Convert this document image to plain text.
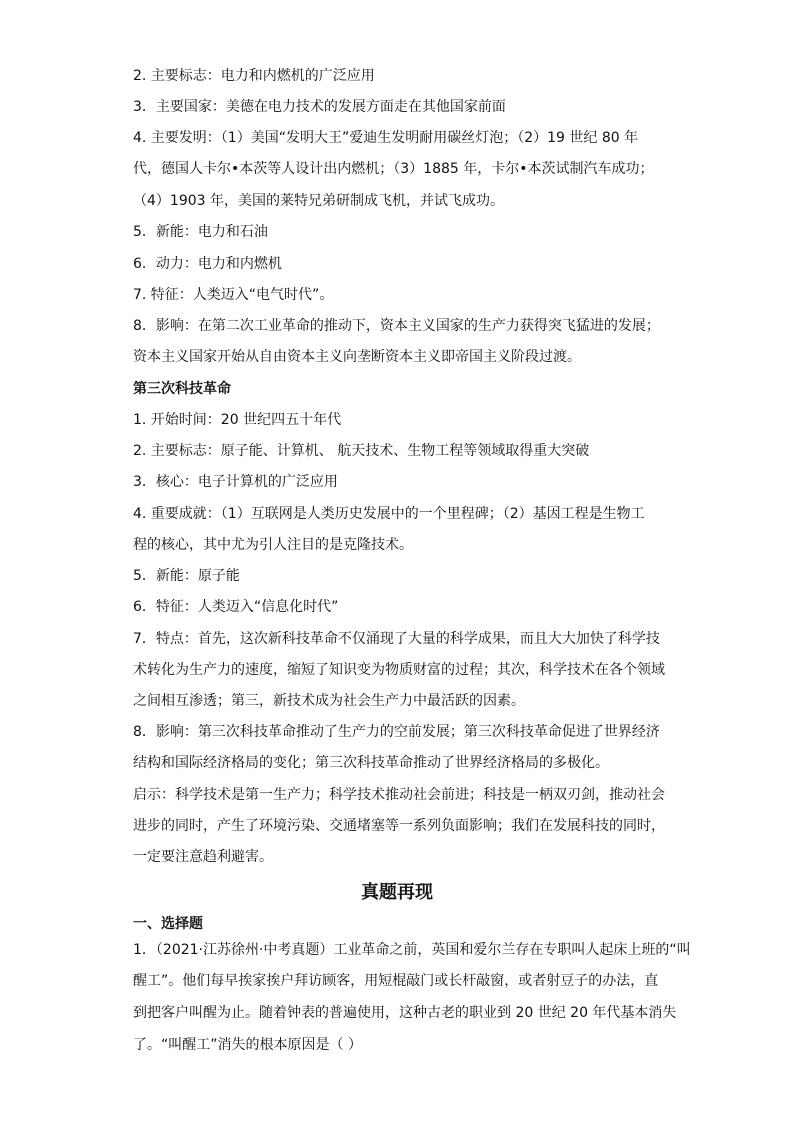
2. 主要标志：电力和内燃机的广泛应用
3．主要国家：美德在电力技术的发展方面走在其他国家前面
4. 主要发明：（1）美国“发明大王”爱迪生发明耐用碳丝灯泡；（2）19 世纪 80 年
代，德国人卡尔•本茨等人设计出内燃机；（3）1885 年，卡尔•本茨试制汽车成功；
（4）1903 年，美国的莱特兄弟研制成飞机，并试飞成功。
5．新能：电力和石油
6．动力：电力和内燃机
7. 特征：人类迈入“电气时代”。
8．影响：在第二次工业革命的推动下，资本主义国家的生产力获得突飞猛进的发展；
资本主义国家开始从自由资本主义向垄断资本主义即帝国主义阶段过渡。
第三次科技革命
1. 开始时间：20 世纪四五十年代
2. 主要标志：原子能、计算机、 航天技术、生物工程等领域取得重大突破
3．核心：电子计算机的广泛应用
4. 重要成就：（1）互联网是人类历史发展中的一个里程碑；（2）基因工程是生物工
程的核心，其中尤为引人注目的是克隆技术。
5．新能：原子能
6．特征：人类迈入“信息化时代”
7．特点：首先，这次新科技革命不仅涌现了大量的科学成果，而且大大加快了科学技
术转化为生产力的速度，缩短了知识变为物质财富的过程；其次，科学技术在各个领域
之间相互渗透；第三，新技术成为社会生产力中最活跃的因素。
8．影响：第三次科技革命推动了生产力的空前发展；第三次科技革命促进了世界经济
结构和国际经济格局的变化；第三次科技革命推动了世界经济格局的多极化。
启示：科学技术是第一生产力；科学技术推动社会前进；科技是一柄双刃剑，推动社会
进步的同时，产生了环境污染、交通堵塞等一系列负面影响；我们在发展科技的同时，
一定要注意趋利避害。
真题再现
一、选择题
1．（2021·江苏徐州·中考真题）工业革命之前，英国和爱尔兰存在专职叫人起床上班的“叫
醒工”。他们每早挨家挨户拜访顾客，用短棍敲门或长杆敲窗，或者射豆子的办法，直
到把客户叫醒为止。随着钟表的普遍使用，这种古老的职业到 20 世纪 20 年代基本消失
了。“叫醒工”消失的根本原因是（ ）
